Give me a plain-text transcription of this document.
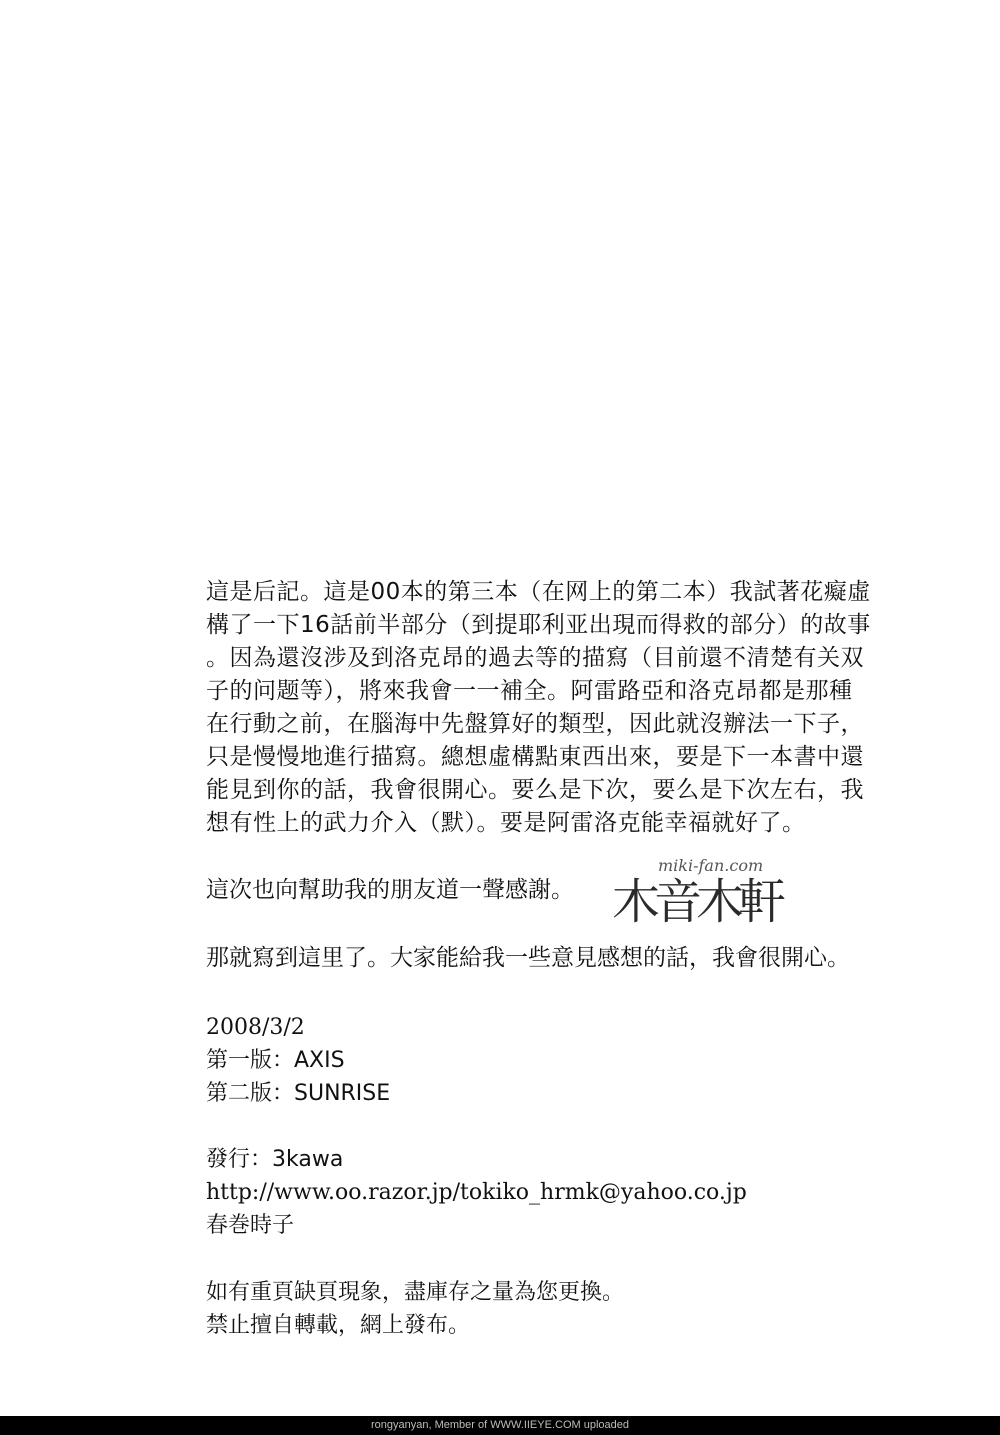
這是后記。這是00本的第三本（在网上的第二本）我試著花癡虛
構了一下16話前半部分（到提耶利亚出現而得救的部分）的故事
。因為還沒涉及到洛克昂的過去等的描寫（目前還不清楚有关双
子的问题等），將來我會一一補全。阿雷路亞和洛克昂都是那種
在行動之前，在腦海中先盤算好的類型，因此就沒辦法一下子，
只是慢慢地進行描寫。總想虛構點東西出來，要是下一本書中還
能見到你的話，我會很開心。要么是下次，要么是下次左右，我
想有性上的武力介入（默）。要是阿雷洛克能幸福就好了。
這次也向幫助我的朋友道一聲感謝。
miki-fan.com
木音木軒
那就寫到這里了。大家能給我一些意見感想的話，我會很開心。
2008/3/2
第一版：AXIS
第二版：SUNRISE
發行：3kawa
http://www.oo.razor.jp/tokiko_hrmk@yahoo.co.jp
春巻時子
如有重頁缺頁現象，盡庫存之量為您更換。
禁止擅自轉載，網上發布。
rongyanyan, Member of WWW.IIEYE.COM uploaded
